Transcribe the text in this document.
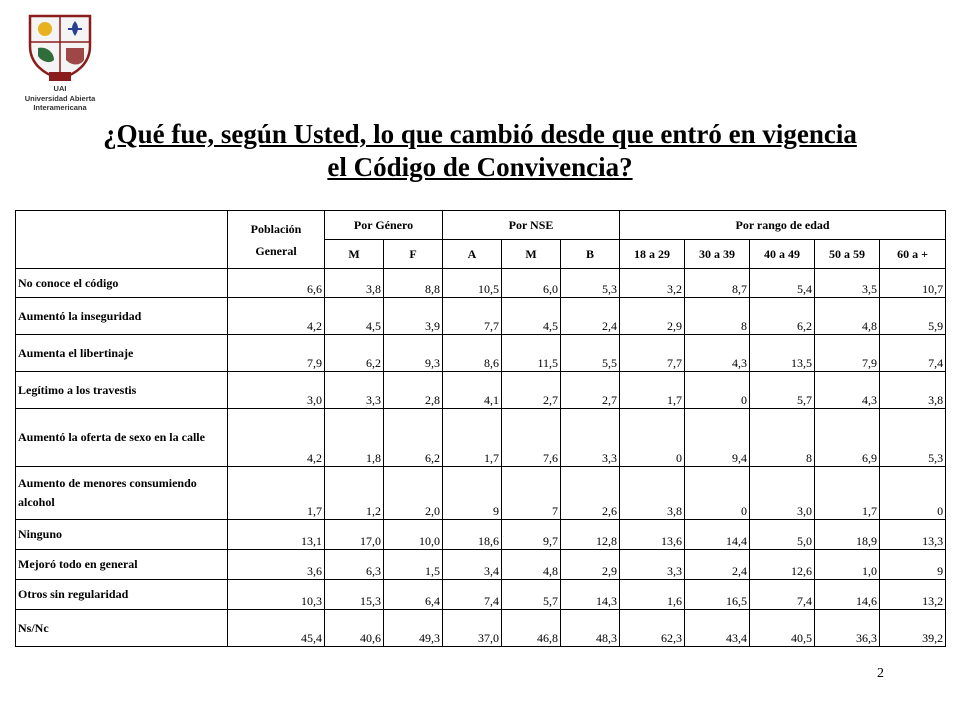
UAI
Universidad Abierta
Interamericana
¿Qué fue, según Usted, lo que cambió desde que entró en vigencia
el Código de Convivencia?

	Población
General	Por Género		Por NSE			Por rango de edad				
		M	F	A	M	B	18 a 29	30 a 39	40 a 49	50 a 59	60 a +
No conoce el código	6,6	3,8	8,8	10,5	6,0	5,3	3,2	8,7	5,4	3,5	10,7
Aumentó la inseguridad	4,2	4,5	3,9	7,7	4,5	2,4	2,9	8	6,2	4,8	5,9
Aumenta el libertinaje	7,9	6,2	9,3	8,6	11,5	5,5	7,7	4,3	13,5	7,9	7,4
Legítimo a los travestis	3,0	3,3	2,8	4,1	2,7	2,7	1,7	0	5,7	4,3	3,8
Aumentó la oferta de sexo en la calle	4,2	1,8	6,2	1,7	7,6	3,3	0	9,4	8	6,9	5,3
Aumento de menores consumiendo alcohol	1,7	1,2	2,0	9	7	2,6	3,8	0	3,0	1,7	0
Ninguno	13,1	17,0	10,0	18,6	9,7	12,8	13,6	14,4	5,0	18,9	13,3
Mejoró todo en general	3,6	6,3	1,5	3,4	4,8	2,9	3,3	2,4	12,6	1,0	9
Otros sin regularidad	10,3	15,3	6,4	7,4	5,7	14,3	1,6	16,5	7,4	14,6	13,2
Ns/Nc	45,4	40,6	49,3	37,0	46,8	48,3	62,3	43,4	40,5	36,3	39,2
2
